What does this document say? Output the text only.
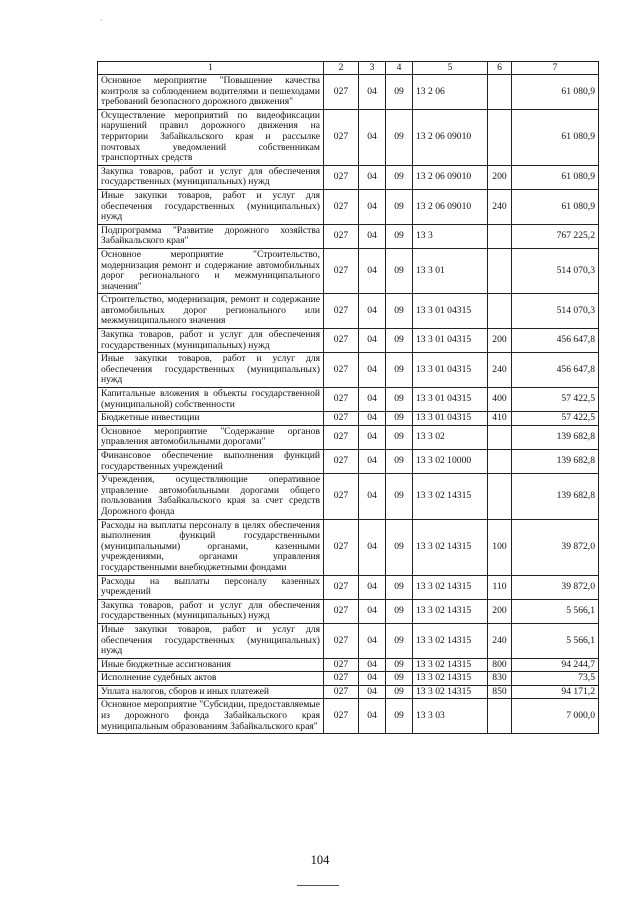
·
1	2	3	4	5	6	7
Основное мероприятие "Повышение качества контроля за соблюдением водителями и пешеходами требований безопасного дорожного движения"	027	04	09	13 2 06		61 080,9
Осуществление мероприятий по видеофиксации нарушений правил дорожного движения на территории Забайкальского края и рассылке почтовых уведомлений собственникам транспортных средств	027	04	09	13 2 06 09010		61 080,9
Закупка товаров, работ и услуг для обеспечения государственных (муниципальных) нужд	027	04	09	13 2 06 09010	200	61 080,9
Иные закупки товаров, работ и услуг для обеспечения государственных (муниципальных) нужд	027	04	09	13 2 06 09010	240	61 080,9
Подпрограмма "Развитие дорожного хозяйства Забайкальского края"	027	04	09	13 3		767 225,2
Основное мероприятие "Строительство, модернизация ремонт и содержание автомобильных дорог регионального и межмуниципального значения"	027	04	09	13 3 01		514 070,3
Строительство, модернизация, ремонт и содержание автомобильных дорог регионального или межмуниципального значения	027	04	09	13 3 01 04315		514 070,3
Закупка товаров, работ и услуг для обеспечения государственных (муниципальных) нужд	027	04	09	13 3 01 04315	200	456 647,8
Иные закупки товаров, работ и услуг для обеспечения государственных (муниципальных) нужд	027	04	09	13 3 01 04315	240	456 647,8
Капитальные вложения в объекты государственной (муниципальной) собственности	027	04	09	13 3 01 04315	400	57 422,5
Бюджетные инвестиции	027	04	09	13 3 01 04315	410	57 422,5
Основное мероприятие "Содержание органов управления автомобильными дорогами"	027	04	09	13 3 02		139 682,8
Финансовое обеспечение выполнения функций государственных учреждений	027	04	09	13 3 02 10000		139 682,8
Учреждения, осуществляющие оперативное управление автомобильными дорогами общего пользования Забайкальского края за счет средств Дорожного фонда	027	04	09	13 3 02 14315		139 682,8
Расходы на выплаты персоналу в целях обеспечения выполнения функций государственными (муниципальными) органами, казенными учреждениями, органами управления государственными внебюджетными фондами	027	04	09	13 3 02 14315	100	39 872,0
Расходы на выплаты персоналу казенных учреждений	027	04	09	13 3 02 14315	110	39 872,0
Закупка товаров, работ и услуг для обеспечения государственных (муниципальных) нужд	027	04	09	13 3 02 14315	200	5 566,1
Иные закупки товаров, работ и услуг для обеспечения государственных (муниципальных) нужд	027	04	09	13 3 02 14315	240	5 566,1
Иные бюджетные ассигнования	027	04	09	13 3 02 14315	800	94 244,7
Исполнение судебных актов	027	04	09	13 3 02 14315	830	73,5
Уплата налогов, сборов и иных платежей	027	04	09	13 3 02 14315	850	94 171,2
Основное мероприятие "Субсидии, предоставляемые из дорожного фонда Забайкальского края муниципальным образованиям Забайкальского края"	027	04	09	13 3 03		7 000,0
104
